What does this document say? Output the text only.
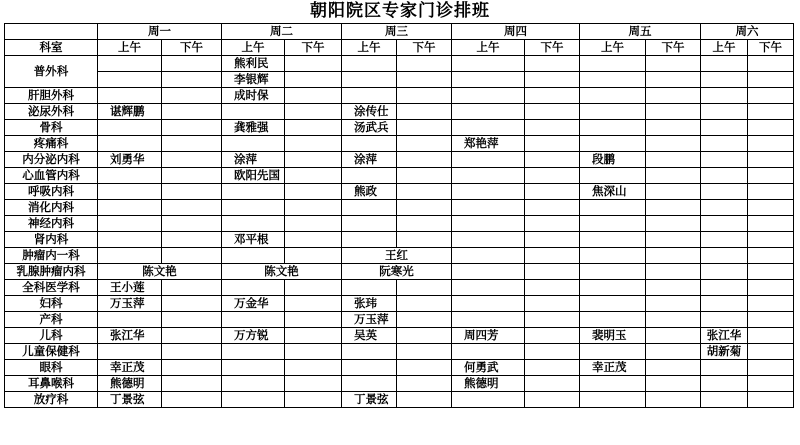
朝阳院区专家门诊排班
	周一		周二		周三		周四		周五		周六	
科室	上午	下午	上午	下午	上午	下午	上午	下午	上午	下午	上午	下午
普外科			熊利民									
			李银辉									
肝胆外科			成时保									
泌尿外科	谌辉鹏				涂传仕							
骨科			龚雅强		汤武兵							
疼痛科							郑艳萍					
内分泌内科	刘勇华		涂萍		涂萍				段鹏			
心血管内科			欧阳先国									
呼吸内科					熊政				焦深山			
消化内科												
神经内科												
肾内科			邓平根									
肿瘤内一科					王红							
乳腺肿瘤内科	陈文艳		陈文艳		阮寒光							
全科医学科	王小莲											
妇科	万玉萍		万金华		张玮							
产科					万玉萍							
儿科	张江华		万方锐		吴英		周四芳		裴明玉		张江华	
儿童保健科											胡新菊	
眼科	幸正茂						何勇武		幸正茂			
耳鼻喉科	熊德明						熊德明					
放疗科	丁景弦				丁景弦							
